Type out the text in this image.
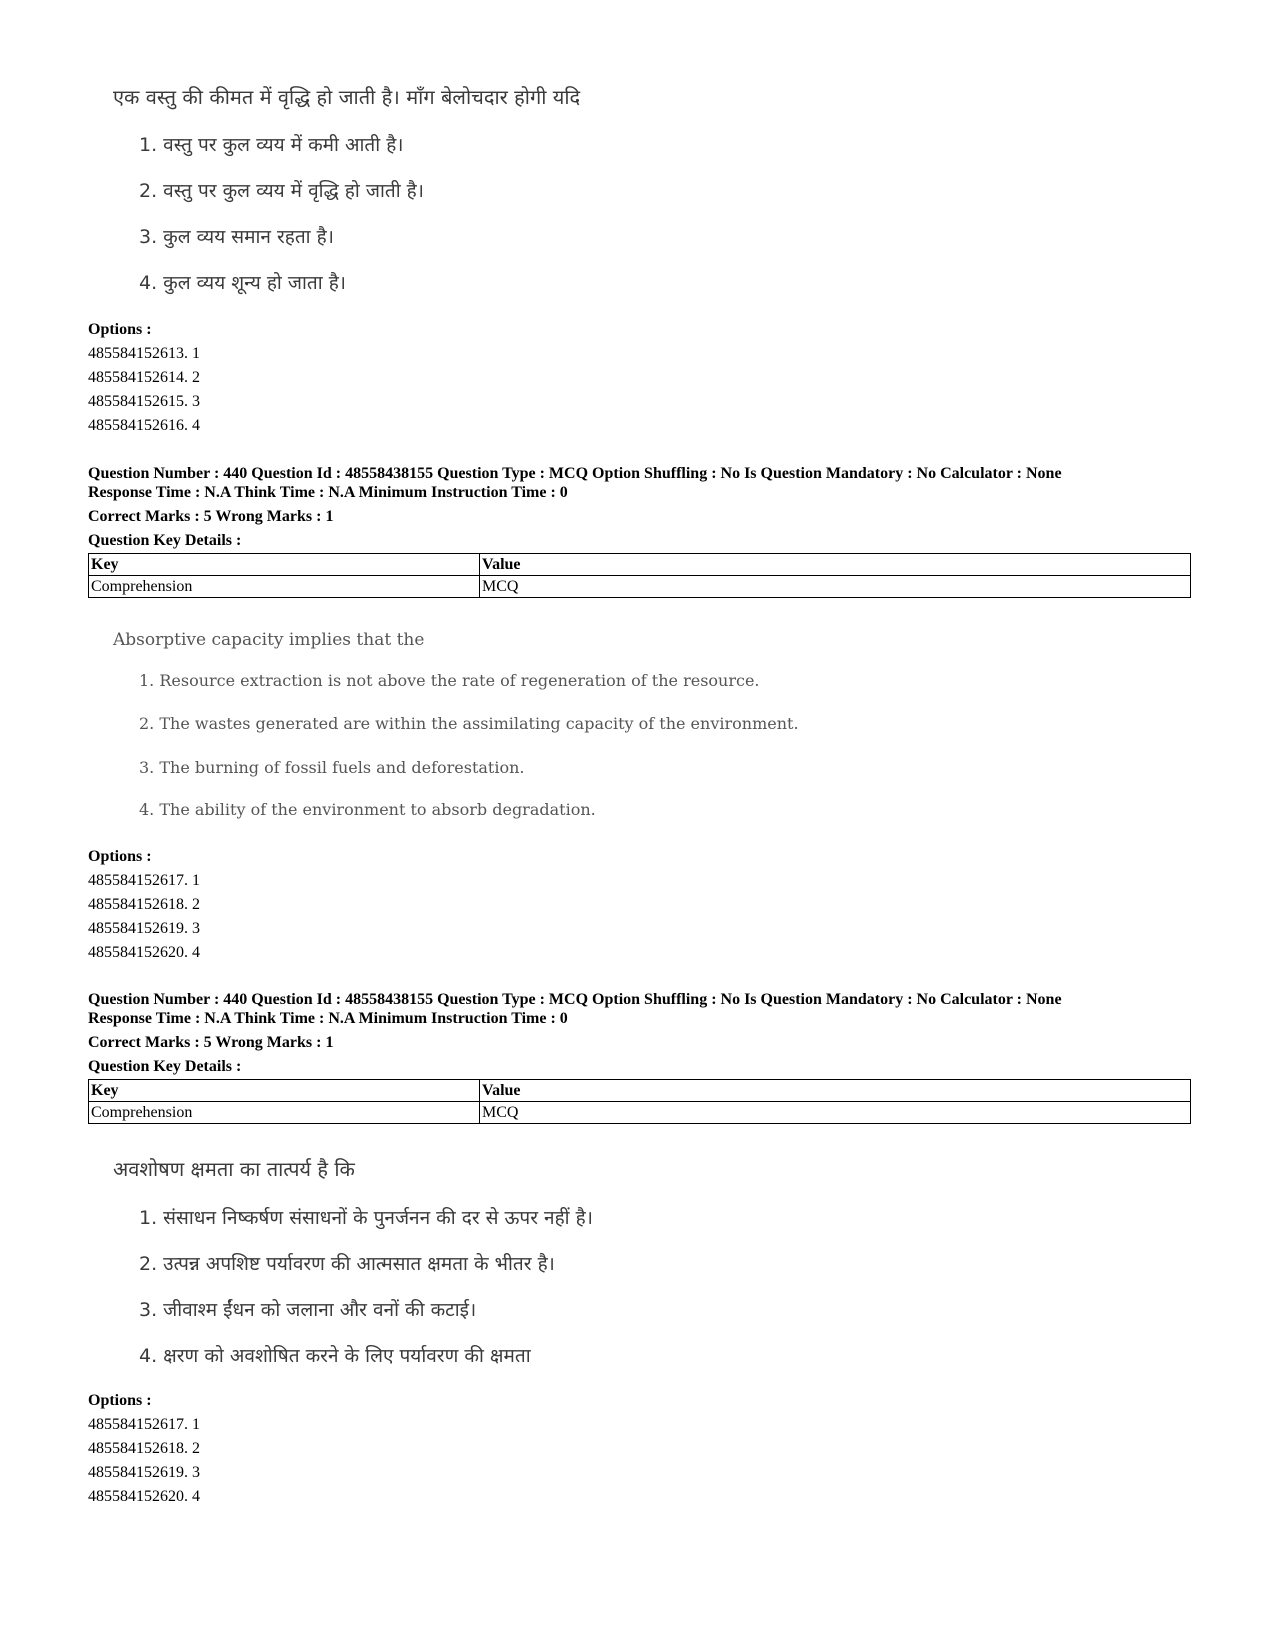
एक वस्तु की कीमत में वृद्धि हो जाती है। माँग बेलोचदार होगी यदि
1. वस्तु पर कुल व्यय में कमी आती है।
2. वस्तु पर कुल व्यय में वृद्धि हो जाती है।
3. कुल व्यय समान रहता है।
4. कुल व्यय शून्य हो जाता है।
Options :
485584152613. 1
485584152614. 2
485584152615. 3
485584152616. 4
Question Number : 440 Question Id : 48558438155 Question Type : MCQ Option Shuffling : No Is Question Mandatory : No Calculator : None
Response Time : N.A Think Time : N.A Minimum Instruction Time : 0
Correct Marks : 5 Wrong Marks : 1
Question Key Details :
Key	Value
Comprehension	MCQ
Absorptive capacity implies that the
1. Resource extraction is not above the rate of regeneration of the resource.
2. The wastes generated are within the assimilating capacity of the environment.
3. The burning of fossil fuels and deforestation.
4. The ability of the environment to absorb degradation.
Options :
485584152617. 1
485584152618. 2
485584152619. 3
485584152620. 4
Question Number : 440 Question Id : 48558438155 Question Type : MCQ Option Shuffling : No Is Question Mandatory : No Calculator : None
Response Time : N.A Think Time : N.A Minimum Instruction Time : 0
Correct Marks : 5 Wrong Marks : 1
Question Key Details :
Key	Value
Comprehension	MCQ
अवशोषण क्षमता का तात्पर्य है कि
1. संसाधन निष्कर्षण संसाधनों के पुनर्जनन की दर से ऊपर नहीं है।
2. उत्पन्न अपशिष्ट पर्यावरण की आत्मसात क्षमता के भीतर है।
3. जीवाश्म ईंधन को जलाना और वनों की कटाई।
4. क्षरण को अवशोषित करने के लिए पर्यावरण की क्षमता
Options :
485584152617. 1
485584152618. 2
485584152619. 3
485584152620. 4
